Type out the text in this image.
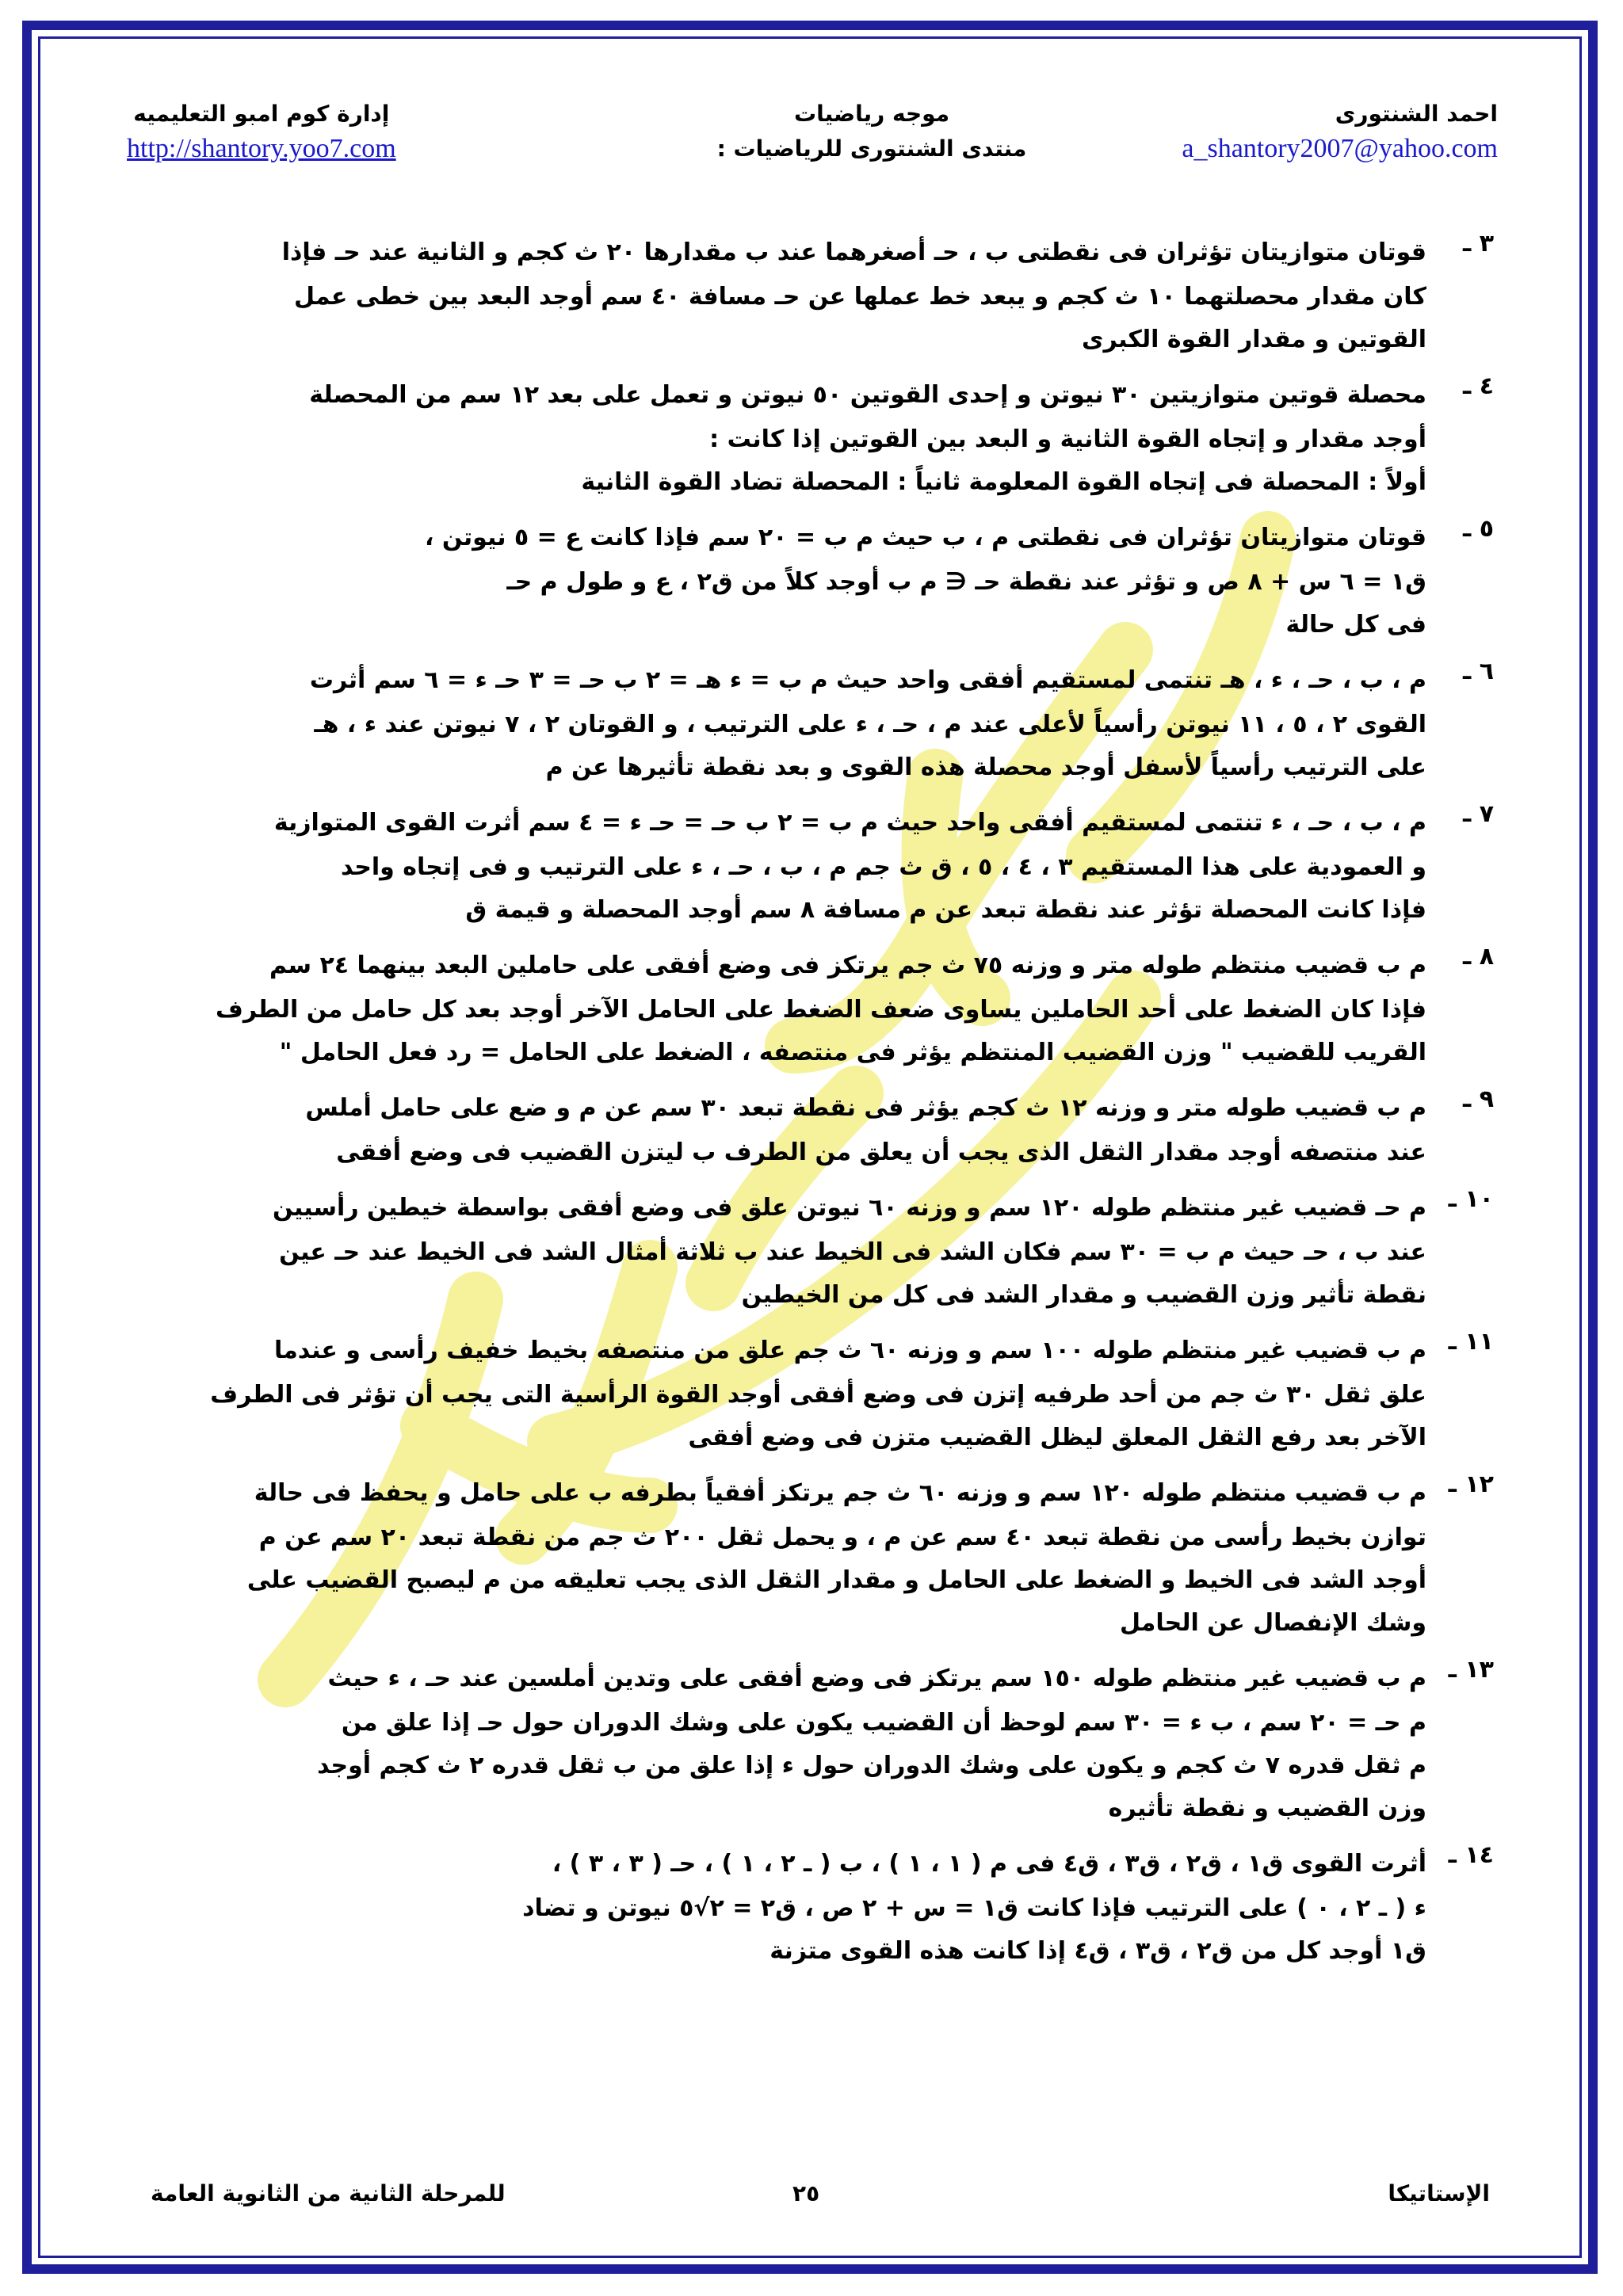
احمد الشنتورى
a_shantory2007@yahoo.com
موجه رياضيات
منتدى الشنتورى للرياضيات :
إدارة كوم امبو التعليميه
http://shantory.yoo7.com
٣ ـ
قوتان متوازيتان تؤثران فى نقطتى ب ، حـ أصغرهما عند ب مقدارها ٢٠ ث كجم و الثانية عند حـ فإذا
كان مقدار محصلتهما ١٠ ث كجم و يبعد خط عملها عن حـ مسافة ٤٠ سم أوجد البعد بين خطى عمل
القوتين و مقدار القوة الكبرى
٤ ـ
محصلة قوتين متوازيتين ٣٠ نيوتن و إحدى القوتين ٥٠ نيوتن و تعمل على بعد ١٢ سم من المحصلة
أوجد مقدار و إتجاه القوة الثانية و البعد بين القوتين إذا كانت :
أولاً : المحصلة فى إتجاه القوة المعلومة ثانياً : المحصلة تضاد القوة الثانية
٥ ـ
قوتان متوازيتان تؤثران فى نقطتى ﻡ ، ب حيث ﻡ ب = ٢٠ سم فإذا كانت ع = ٥ نيوتن ،
ق١ = ٦ س + ٨ ص و تؤثر عند نقطة حـ ∈ ﻡ ب أوجد كلاً من ق٢ ، ع و طول ﻡ حـ
فى كل حالة
٦ ـ
ﻡ ، ب ، حـ ، ء ، هـ تنتمى لمستقيم أفقى واحد حيث ﻡ ب = ء هـ = ٢ ب حـ = ٣ حـ ء = ٦ سم أثرت
القوى ٢ ، ٥ ، ١١ نيوتن رأسياً لأعلى عند ﻡ ، حـ ، ء على الترتيب ، و القوتان ٢ ، ٧ نيوتن عند ء ، هـ
على الترتيب رأسياً لأسفل أوجد محصلة هذه القوى و بعد نقطة تأثيرها عن ﻡ
٧ ـ
ﻡ ، ب ، حـ ، ء تنتمى لمستقيم أفقى واحد حيث ﻡ ب = ٢ ب حـ = حـ ء = ٤ سم أثرت القوى المتوازية
و العمودية على هذا المستقيم ٣ ، ٤ ، ٥ ، ق ث جم ﻡ ، ب ، حـ ، ء على الترتيب و فى إتجاه واحد
فإذا كانت المحصلة تؤثر عند نقطة تبعد عن ﻡ مسافة ٨ سم أوجد المحصلة و قيمة ق
٨ ـ
ﻡ ب قضيب منتظم طوله متر و وزنه ٧٥ ث جم يرتكز فى وضع أفقى على حاملين البعد بينهما ٢٤ سم
فإذا كان الضغط على أحد الحاملين يساوى ضعف الضغط على الحامل الآخر أوجد بعد كل حامل من الطرف
القريب للقضيب " وزن القضيب المنتظم يؤثر فى منتصفه ، الضغط على الحامل = رد فعل الحامل "
٩ ـ
ﻡ ب قضيب طوله متر و وزنه ١٢ ث كجم يؤثر فى نقطة تبعد ٣٠ سم عن ﻡ و ضع على حامل أملس
عند منتصفه أوجد مقدار الثقل الذى يجب أن يعلق من الطرف ب ليتزن القضيب فى وضع أفقى
١٠ ـ
ﻡ حـ قضيب غير منتظم طوله ١٢٠ سم و وزنه ٦٠ نيوتن علق فى وضع أفقى بواسطة خيطين رأسيين
عند ب ، حـ حيث ﻡ ب = ٣٠ سم فكان الشد فى الخيط عند ب ثلاثة أمثال الشد فى الخيط عند حـ عين
نقطة تأثير وزن القضيب و مقدار الشد فى كل من الخيطين
١١ ـ
ﻡ ب قضيب غير منتظم طوله ١٠٠ سم و وزنه ٦٠ ث جم علق من منتصفه بخيط خفيف رأسى و عندما
علق ثقل ٣٠ ث جم من أحد طرفيه إتزن فى وضع أفقى أوجد القوة الرأسية التى يجب أن تؤثر فى الطرف
الآخر بعد رفع الثقل المعلق ليظل القضيب متزن فى وضع أفقى
١٢ ـ
ﻡ ب قضيب منتظم طوله ١٢٠ سم و وزنه ٦٠ ث جم يرتكز أفقياً بطرفه ب على حامل و يحفظ فى حالة
توازن بخيط رأسى من نقطة تبعد ٤٠ سم عن ﻡ ، و يحمل ثقل ٢٠٠ ث جم من نقطة تبعد ٢٠ سم عن ﻡ
أوجد الشد فى الخيط و الضغط على الحامل و مقدار الثقل الذى يجب تعليقه من ﻡ ليصبح القضيب على
وشك الإنفصال عن الحامل
١٣ ـ
ﻡ ب قضيب غير منتظم طوله ١٥٠ سم يرتكز فى وضع أفقى على وتدين أملسين عند حـ ، ء حيث
ﻡ حـ = ٢٠ سم ، ب ء = ٣٠ سم لوحظ أن القضيب يكون على وشك الدوران حول حـ إذا علق من
ﻡ ثقل قدره ٧ ث كجم و يكون على وشك الدوران حول ء إذا علق من ب ثقل قدره ٢ ث كجم أوجد
وزن القضيب و نقطة تأثيره
١٤ ـ
أثرت القوى ق١ ، ق٢ ، ق٣ ، ق٤ فى ﻡ ( ١ ، ١ ) ، ب ( ـ ٢ ، ١ ) ، حـ ( ٣ ، ٣ ) ،
ء ( ـ ٢ ، ٠ ) على الترتيب فإذا كانت ق١ = س + ٢ ص ، ق٢ = ٢√٥ نيوتن و تضاد
ق١ أوجد كل من ق٢ ، ق٣ ، ق٤ إذا كانت هذه القوى متزنة
الإستاتيكا
٢٥
للمرحلة الثانية من الثانوية العامة
